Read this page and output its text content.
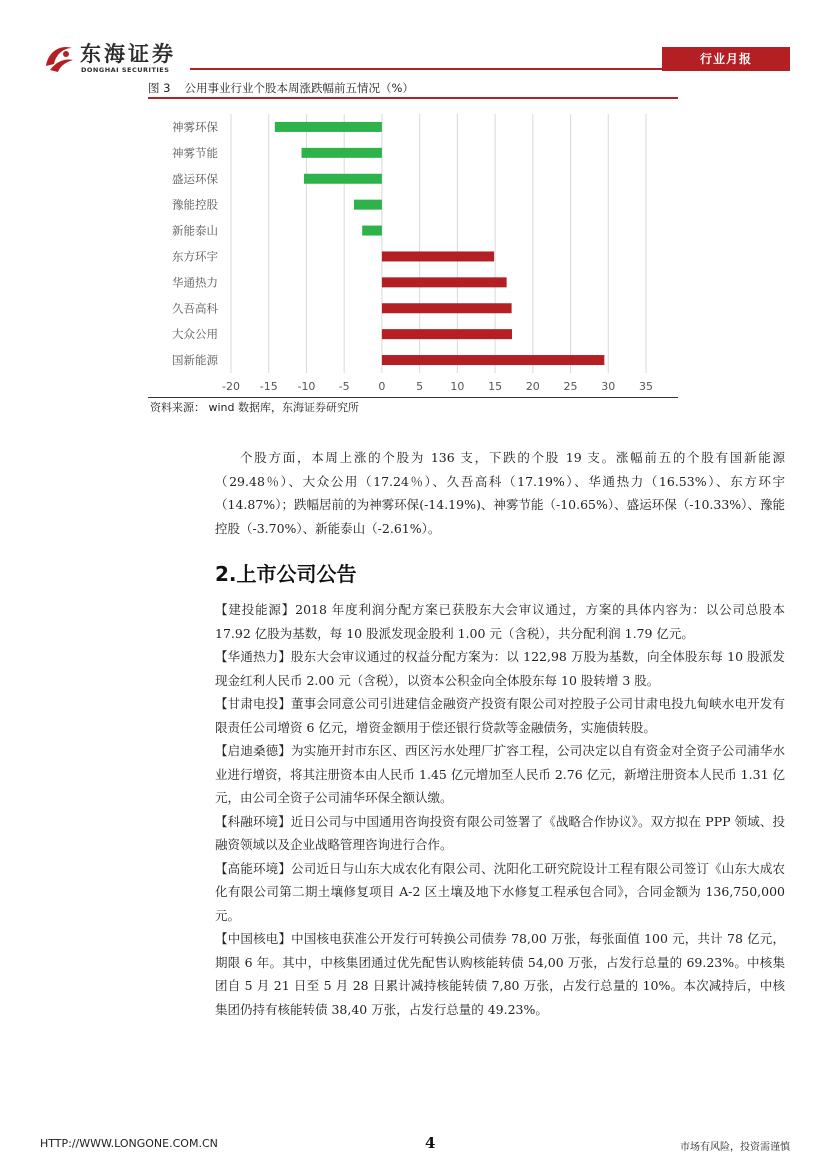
东海证券
DONGHAI SECURITIES
行业月报
图 3 公用事业行业个股本周涨跌幅前五情况（%）
神雾环保
神雾节能
盛运环保
豫能控股
新能泰山
东方环宇
华通热力
久吾高科
大众公用
国新能源
-20 -15 -10 -5	0	5 10 15 20 25 30 35
资料来源： wind 数据库，东海证券研究所

个股方面，本周上涨的个股为 136 支，下跌的个股 19 支。涨幅前五的个股有国新能源（29.48％）、大众公用（17.24％）、久吾高科（17.19%）、华通热力（16.53%）、东方环宇（14.87%）；跌幅居前的为神雾环保(-14.19%)、神雾节能（-10.65%）、盛运环保（-10.33%）、豫能控股（-3.70%）、新能泰山（-2.61%）。

2.上市公司公告

【建投能源】2018 年度利润分配方案已获股东大会审议通过，方案的具体内容为：以公司总股本 17.92 亿股为基数，每 10 股派发现金股利 1.00 元（含税），共分配利润 1.79 亿元。

【华通热力】股东大会审议通过的权益分配方案为：以 122,98 万股为基数，向全体股东每 10 股派发现金红利人民币 2.00 元（含税），以资本公积金向全体股东每 10 股转增 3 股。

【甘肃电投】董事会同意公司引进建信金融资产投资有限公司对控股子公司甘肃电投九甸峡水电开发有限责任公司增资 6 亿元，增资金额用于偿还银行贷款等金融债务，实施债转股。

【启迪桑德】为实施开封市东区、西区污水处理厂扩容工程，公司决定以自有资金对全资子公司浦华水业进行增资，将其注册资本由人民币 1.45 亿元增加至人民币 2.76 亿元，新增注册资本人民币 1.31 亿元，由公司全资子公司浦华环保全额认缴。

【科融环境】近日公司与中国通用咨询投资有限公司签署了《战略合作协议》。双方拟在 PPP 领域、投融资领域以及企业战略管理咨询进行合作。

【高能环境】公司近日与山东大成农化有限公司、沈阳化工研究院设计工程有限公司签订《山东大成农化有限公司第二期土壤修复项目 A-2 区土壤及地下水修复工程承包合同》，合同金额为 136,750,000 元。

【中国核电】中国核电获准公开发行可转换公司债券 78,00 万张，每张面值 100 元，共计 78 亿元，期限 6 年。其中，中核集团通过优先配售认购核能转债 54,00 万张，占发行总量的 69.23%。中核集团自 5 月 21 日至 5 月 28 日累计减持核能转债 7,80 万张，占发行总量的 10%。本次减持后，中核集团仍持有核能转债 38,40 万张，占发行总量的 49.23%。

HTTP://WWW.LONGONE.COM.CN	4	市场有风险，投资需谨慎
